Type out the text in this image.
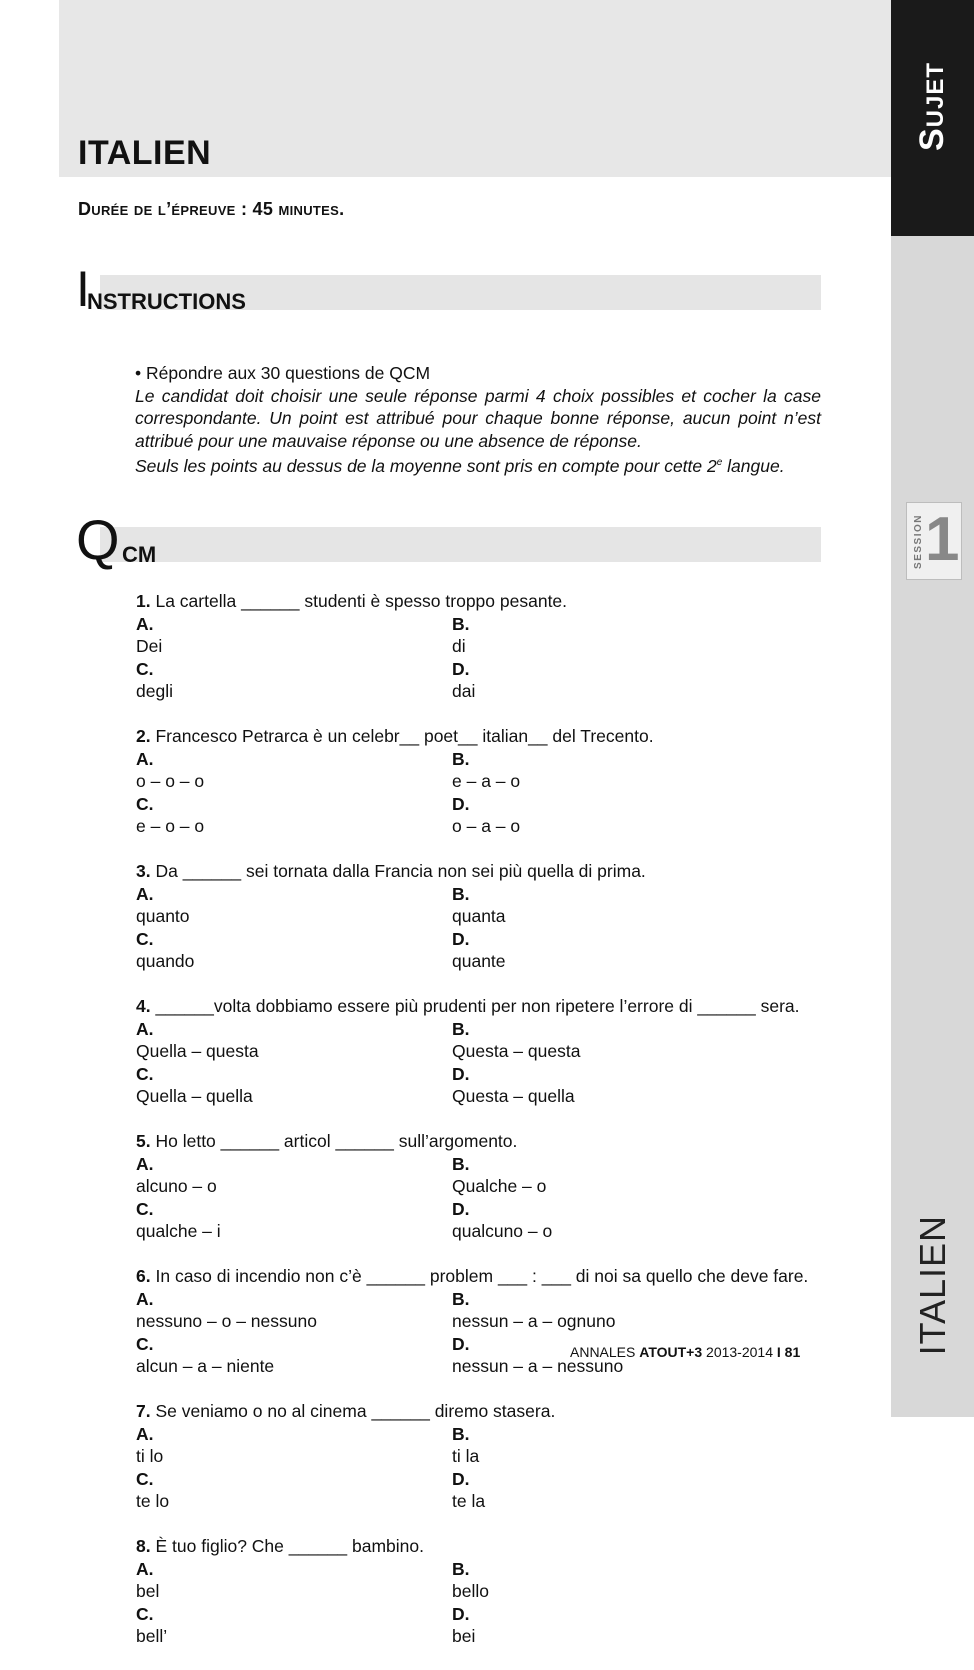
ITALIEN
Durée de l’épreuve : 45 minutes.
Sujet
SESSION 1
ITALIEN
I
NSTRUCTIONS

• Répondre aux 30 questions de QCM

Le candidat doit choisir une seule réponse parmi 4 choix possibles et cocher la case correspondante. Un point est attribué pour chaque bonne réponse, aucun point n’est attribué pour une mauvaise réponse ou une absence de réponse.

Seuls les points au dessus de la moyenne sont pris en compte pour cette 2e langue.

Q CM

1. La cartella ______ studenti è spesso troppo pesante.

A.
Dei
B.
di
C.
degli
D.
dai

2. Francesco Petrarca è un celebr__ poet__ italian__ del Trecento.

A.
o – o – o
B.
e – a – o
C.
e – o – o
D.
o – a – o

3. Da ______ sei tornata dalla Francia non sei più quella di prima.

A.
quanto
B.
quanta
C.
quando
D.
quante

4. ______volta dobbiamo essere più prudenti per non ripetere l’errore di ______ sera.

A.
Quella – questa
B.
Questa – questa
C.
Quella – quella
D.
Questa – quella

5. Ho letto ______ articol ______ sull’argomento.

A.
alcuno – o
B.
Qualche – o
C.
qualche – i
D.
qualcuno – o

6. In caso di incendio non c’è ______ problem ___ : ___ di noi sa quello che deve fare.

A.
nessuno – o – nessuno
B.
nessun – a – ognuno
C.
alcun – a – niente
D.
nessun – a – nessuno

7. Se veniamo o no al cinema ______ diremo stasera.

A.
ti lo
B.
ti la
C.
te lo
D.
te la

8. È tuo figlio? Che ______ bambino.

A.
bel
B.
bello
C.
bell’
D.
bei
ANNALES ATOUT+3 2013-2014 I 81
